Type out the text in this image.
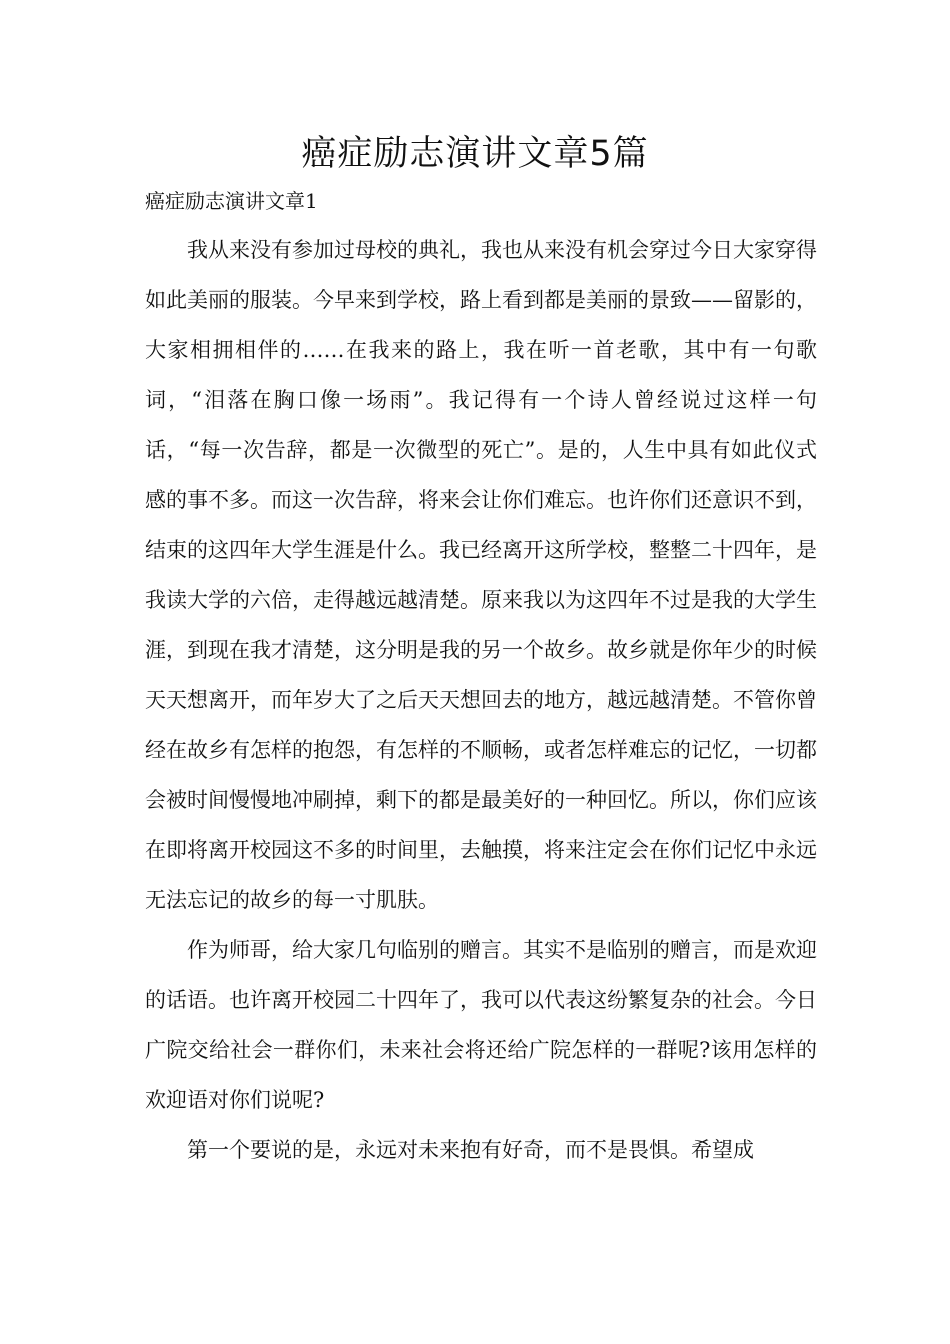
癌症励志演讲文章5篇
癌症励志演讲文章1

我从来没有参加过母校的典礼，我也从来没有机会穿过今日大家穿得如此美丽的服装。今早来到学校，路上看到都是美丽的景致——留影的，大家相拥相伴的……在我来的路上，我在听一首老歌，其中有一句歌词，“泪落在胸口像一场雨”。我记得有一个诗人曾经说过这样一句话，“每一次告辞，都是一次微型的死亡”。是的，人生中具有如此仪式感的事不多。而这一次告辞，将来会让你们难忘。也许你们还意识不到，结束的这四年大学生涯是什么。我已经离开这所学校，整整二十四年，是我读大学的六倍，走得越远越清楚。原来我以为这四年不过是我的大学生涯，到现在我才清楚，这分明是我的另一个故乡。故乡就是你年少的时候天天想离开，而年岁大了之后天天想回去的地方，越远越清楚。不管你曾经在故乡有怎样的抱怨，有怎样的不顺畅，或者怎样难忘的记忆，一切都会被时间慢慢地冲刷掉，剩下的都是最美好的一种回忆。所以，你们应该在即将离开校园这不多的时间里，去触摸，将来注定会在你们记忆中永远无法忘记的故乡的每一寸肌肤。

作为师哥，给大家几句临别的赠言。其实不是临别的赠言，而是欢迎的话语。也许离开校园二十四年了，我可以代表这纷繁复杂的社会。今日广院交给社会一群你们，未来社会将还给广院怎样的一群呢?该用怎样的欢迎语对你们说呢?

第一个要说的是，永远对未来抱有好奇，而不是畏惧。希望成
